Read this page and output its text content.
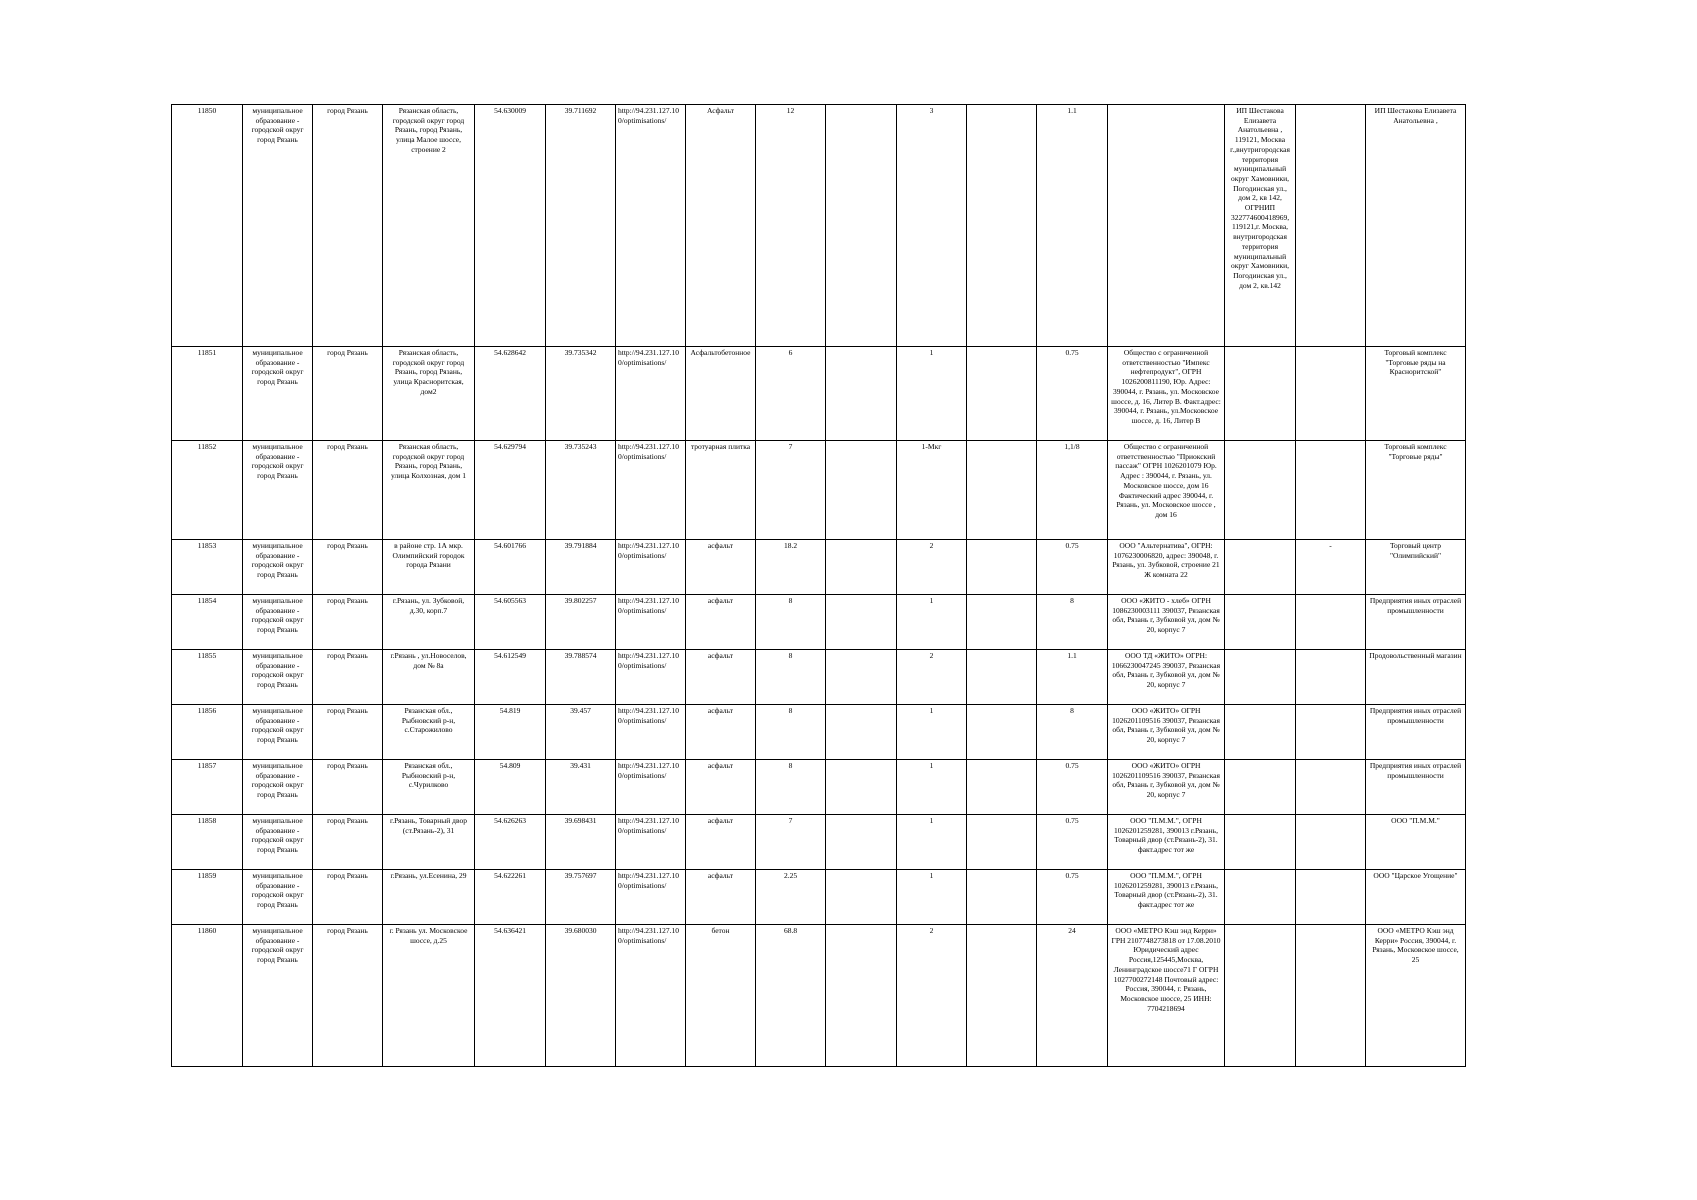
11850	муниципальное образование - городской округ город Рязань	город Рязань	Рязанская область, городской округ город Рязань, город Рязань, улица Малое шоссе, строение 2	54.630009	39.711692	http://94.231.127.10 0/optimisations/	Асфальт	12		3		1.1		ИП Шестакова Елизавета Анатольевна , 119121, Москва г.,внутригородская территория муниципальный округ Хамовники, Погодинская ул., дом 2, кв 142, ОГРНИП 322774600418969, 119121,г. Москва, внутригородская территория муниципальный округ Хамовники, Погодинская ул., дом 2, кв.142		ИП Шестакова Елизавета Анатольевна ,
11851	муниципальное образование - городской округ город Рязань	город Рязань	Рязанская область, городской округ город Рязань, город Рязань, улица Красноритская, дом2	54.628642	39.735342	http://94.231.127.10 0/optimisations/	Асфальтобетонное	6		1		0.75	Общество с ограниченной ответственностью "Импекс нефтепродукт", ОГРН 1026200811190, Юр. Адрес: 390044, г. Рязань, ул. Московское шоссе, д. 16, Литер В. Факт.адрес: 390044, г. Рязань, ул.Московское шоссе, д. 16, Литер В			Торговый комплекс "Торговые ряды на Красноритской"
11852	муниципальное образование - городской округ город Рязань	город Рязань	Рязанская область, городской округ город Рязань, город Рязань, улица Колхозная, дом 1	54.629794	39.735243	http://94.231.127.10 0/optimisations/	тротуарная плитка	7		1-Мкг		1,1/8	Общество с ограниченной ответственностью "Приокский пассаж" ОГРН 1026201079 Юр. Адрес : 390044, г. Рязань, ул. Московское шоссе, дом 16 Фактический адрес 390044, г. Рязань, ул. Московское шоссе , дом 16			Торговый комплекс "Торговые ряды"
11853	муниципальное образование - городской округ город Рязань	город Рязань	в районе стр. 1А мкр. Олимпийский городок города Рязани	54.601766	39.791884	http://94.231.127.10 0/optimisations/	асфальт	18.2		2		0.75	ООО "Альтернатива", ОГРН: 1076230006820, адрес: 390048, г. Рязань, ул. Зубковой, строение 21 Ж комната 22		-	Торговый центр "Олимпийский"
11854	муниципальное образование - городской округ город Рязань	город Рязань	г.Рязань, ул. Зубковой, д.30, корп.7	54.605563	39.802257	http://94.231.127.10 0/optimisations/	асфальт	8		1		8	ООО «ЖИТО - хлеб» ОГРН 1086230003111 390037, Рязанская обл, Рязань г, Зубковой ул, дом № 20, корпус 7			Предприятия иных отраслей промышленности
11855	муниципальное образование - городской округ город Рязань	город Рязань	г.Рязань , ул.Новоселов, дом № 8а	54.612549	39.788574	http://94.231.127.10 0/optimisations/	асфальт	8		2		1.1	ООО ТД «ЖИТО» ОГРН: 1066230047245 390037, Рязанская обл, Рязань г, Зубковой ул, дом № 20, корпус 7			Продовольственный магазин
11856	муниципальное образование - городской округ город Рязань	город Рязань	Рязанская обл., Рыбновский р-н, с.Старожилово	54.819	39.457	http://94.231.127.10 0/optimisations/	асфальт	8		1		8	ООО «ЖИТО» ОГРН 1026201109516 390037, Рязанская обл, Рязань г, Зубковой ул, дом № 20, корпус 7			Предприятия иных отраслей промышленности
11857	муниципальное образование - городской округ город Рязань	город Рязань	Рязанская обл., Рыбновский р-н, с.Чурилково	54.809	39.431	http://94.231.127.10 0/optimisations/	асфальт	8		1		0.75	ООО «ЖИТО» ОГРН 1026201109516 390037, Рязанская обл, Рязань г, Зубковой ул, дом № 20, корпус 7			Предприятия иных отраслей промышленности
11858	муниципальное образование - городской округ город Рязань	город Рязань	г.Рязань, Товарный двор (ст.Рязань-2), 31	54.626263	39.698431	http://94.231.127.10 0/optimisations/	асфальт	7		1		0.75	ООО "П.М.М.", ОГРН 1026201259281, 390013 г.Рязань, Товарный двор (ст.Рязань-2), 31. факт.адрес тот же			ООО "П.М.М."
11859	муниципальное образование - городской округ город Рязань	город Рязань	г.Рязань, ул.Есенина, 29	54.622261	39.757697	http://94.231.127.10 0/optimisations/	асфальт	2.25		1		0.75	ООО "П.М.М.", ОГРН 1026201259281, 390013 г.Рязань, Товарный двор (ст.Рязань-2), 31. факт.адрес тот же			ООО "Царское Угощение"
11860	муниципальное образование - городской округ город Рязань	город Рязань	г. Рязань ул. Московское шоссе, д.25	54.636421	39.680030	http://94.231.127.10 0/optimisations/	бетон	68.8		2		24	ООО «МЕТРО Кэш энд Керри» ГРН 2107748273818 от 17.08.2010 Юридический адрес Россия,125445,Москва, Ленинградское шоссе71 Г ОГРН 1027700272148 Почтовый адрес: Россия, 390044, г. Рязань, Московское шоссе, 25 ИНН: 7704218694			ООО «МЕТРО Кэш энд Керри» Россия, 390044, г. Рязань, Московское шоссе, 25
